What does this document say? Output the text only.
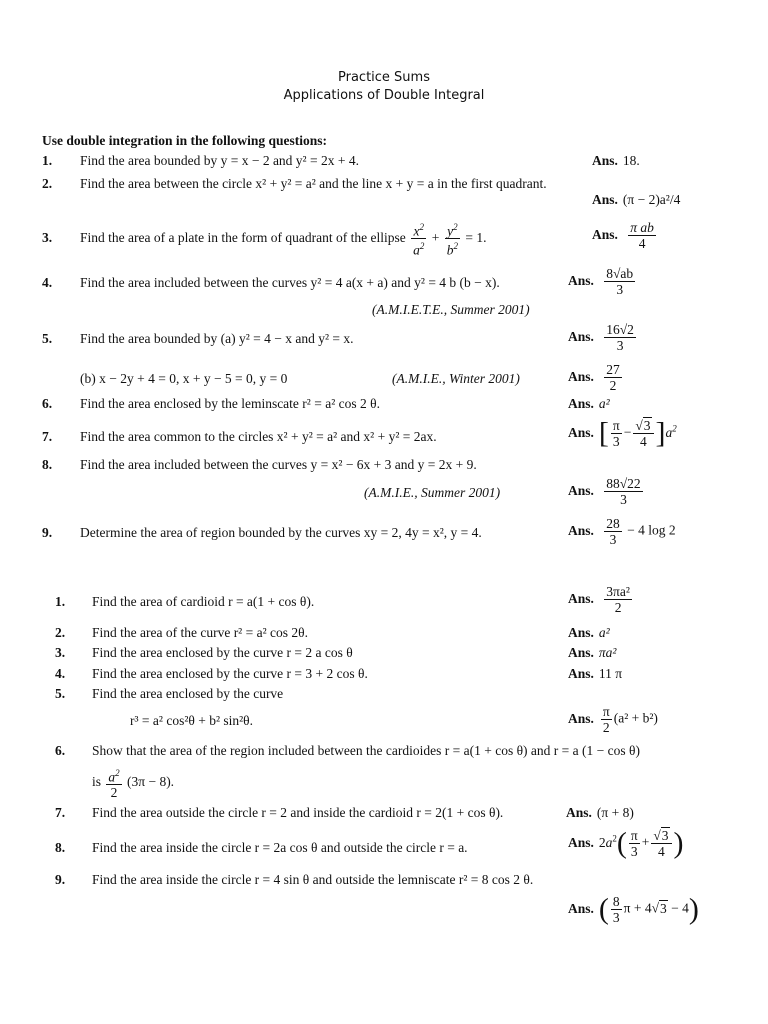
Practice Sums
Applications of Double Integral
Use double integration in the following questions:
1. Find the area bounded by y = x − 2 and y² = 2x + 4.	Ans. 18.
2. Find the area between the circle x² + y² = a² and the line x + y = a in the first quadrant.
Ans. (π − 2)a²/4
3. Find the area of a plate in the form of quadrant of the ellipse $\frac{x^2}{a^2} + \frac{y^2}{b^2} = 1$.	Ans. $\frac{\text{π ab}}{4}$
4. Find the area included between the curves y² = 4 a(x + a) and y² = 4 b (b − x).
(A.M.I.E.T.E., Summer 2001)
Ans. $\frac{8√ab}{3}$
5. Find the area bounded by (a) y² = 4 − x and y² = x.	Ans. $\frac{16√2}{3}$
(b) x − 2y + 4 = 0, x + y − 5 = 0, y = 0	(A.M.I.E., Winter 2001)	Ans. $\frac{27}{2}$
6. Find the area enclosed by the leminscate r² = a² cos 2 θ.	Ans. a²
7. Find the area common to the circles x² + y² = a² and x² + y² = 2ax.	Ans. [ $\frac{\pi}{3} - \frac{√3}{4} ]a^2$
8. Find the area included between the curves y = x² − 6x + 3 and y = 2x + 9.
(A.M.I.E., Summer 2001)	Ans. $\frac{88√22}{3}$
9. Determine the area of region bounded by the curves xy = 2, 4y = x², y = 4.	Ans. $\frac{28}{3} - 4$ log 2
1. Find the area of cardioid r = a(1 + cos θ).	Ans. $\frac{\text{3πa²}}{2}$
2. Find the area of the curve r² = a² cos 2θ.	Ans. a²
3. Find the area enclosed by the curve r = 2 a cos θ	Ans. πa²
4. Find the area enclosed by the curve r = 3 + 2 cos θ.	Ans. 11 π
5. Find the area enclosed by the curve
r³ = a² cos²θ + b² sin²θ.	Ans. $\frac{\pi}{2} (a^2 + b^2)$
6. Show that the area of the region included between the cardioides r = a(1 + cos θ) and r = a (1 − cos θ)
is $\frac{a^2}{2} (3\pi - 8)$.
7. Find the area outside the circle r = 2 and inside the cardioid r = 2(1 + cos θ).	Ans. (π + 8)
8. Find the area inside the circle r = 2a cos θ and outside the circle r = a.	Ans. $2a^2( \frac{\pi}{3} + \frac{√3}{4}$ )
9. Find the area inside the circle r = 4 sin θ and outside the lemniscate r² = 8 cos 2 θ.
Ans. ( $\frac{8}{3}$ π + 4√3 − 4)
